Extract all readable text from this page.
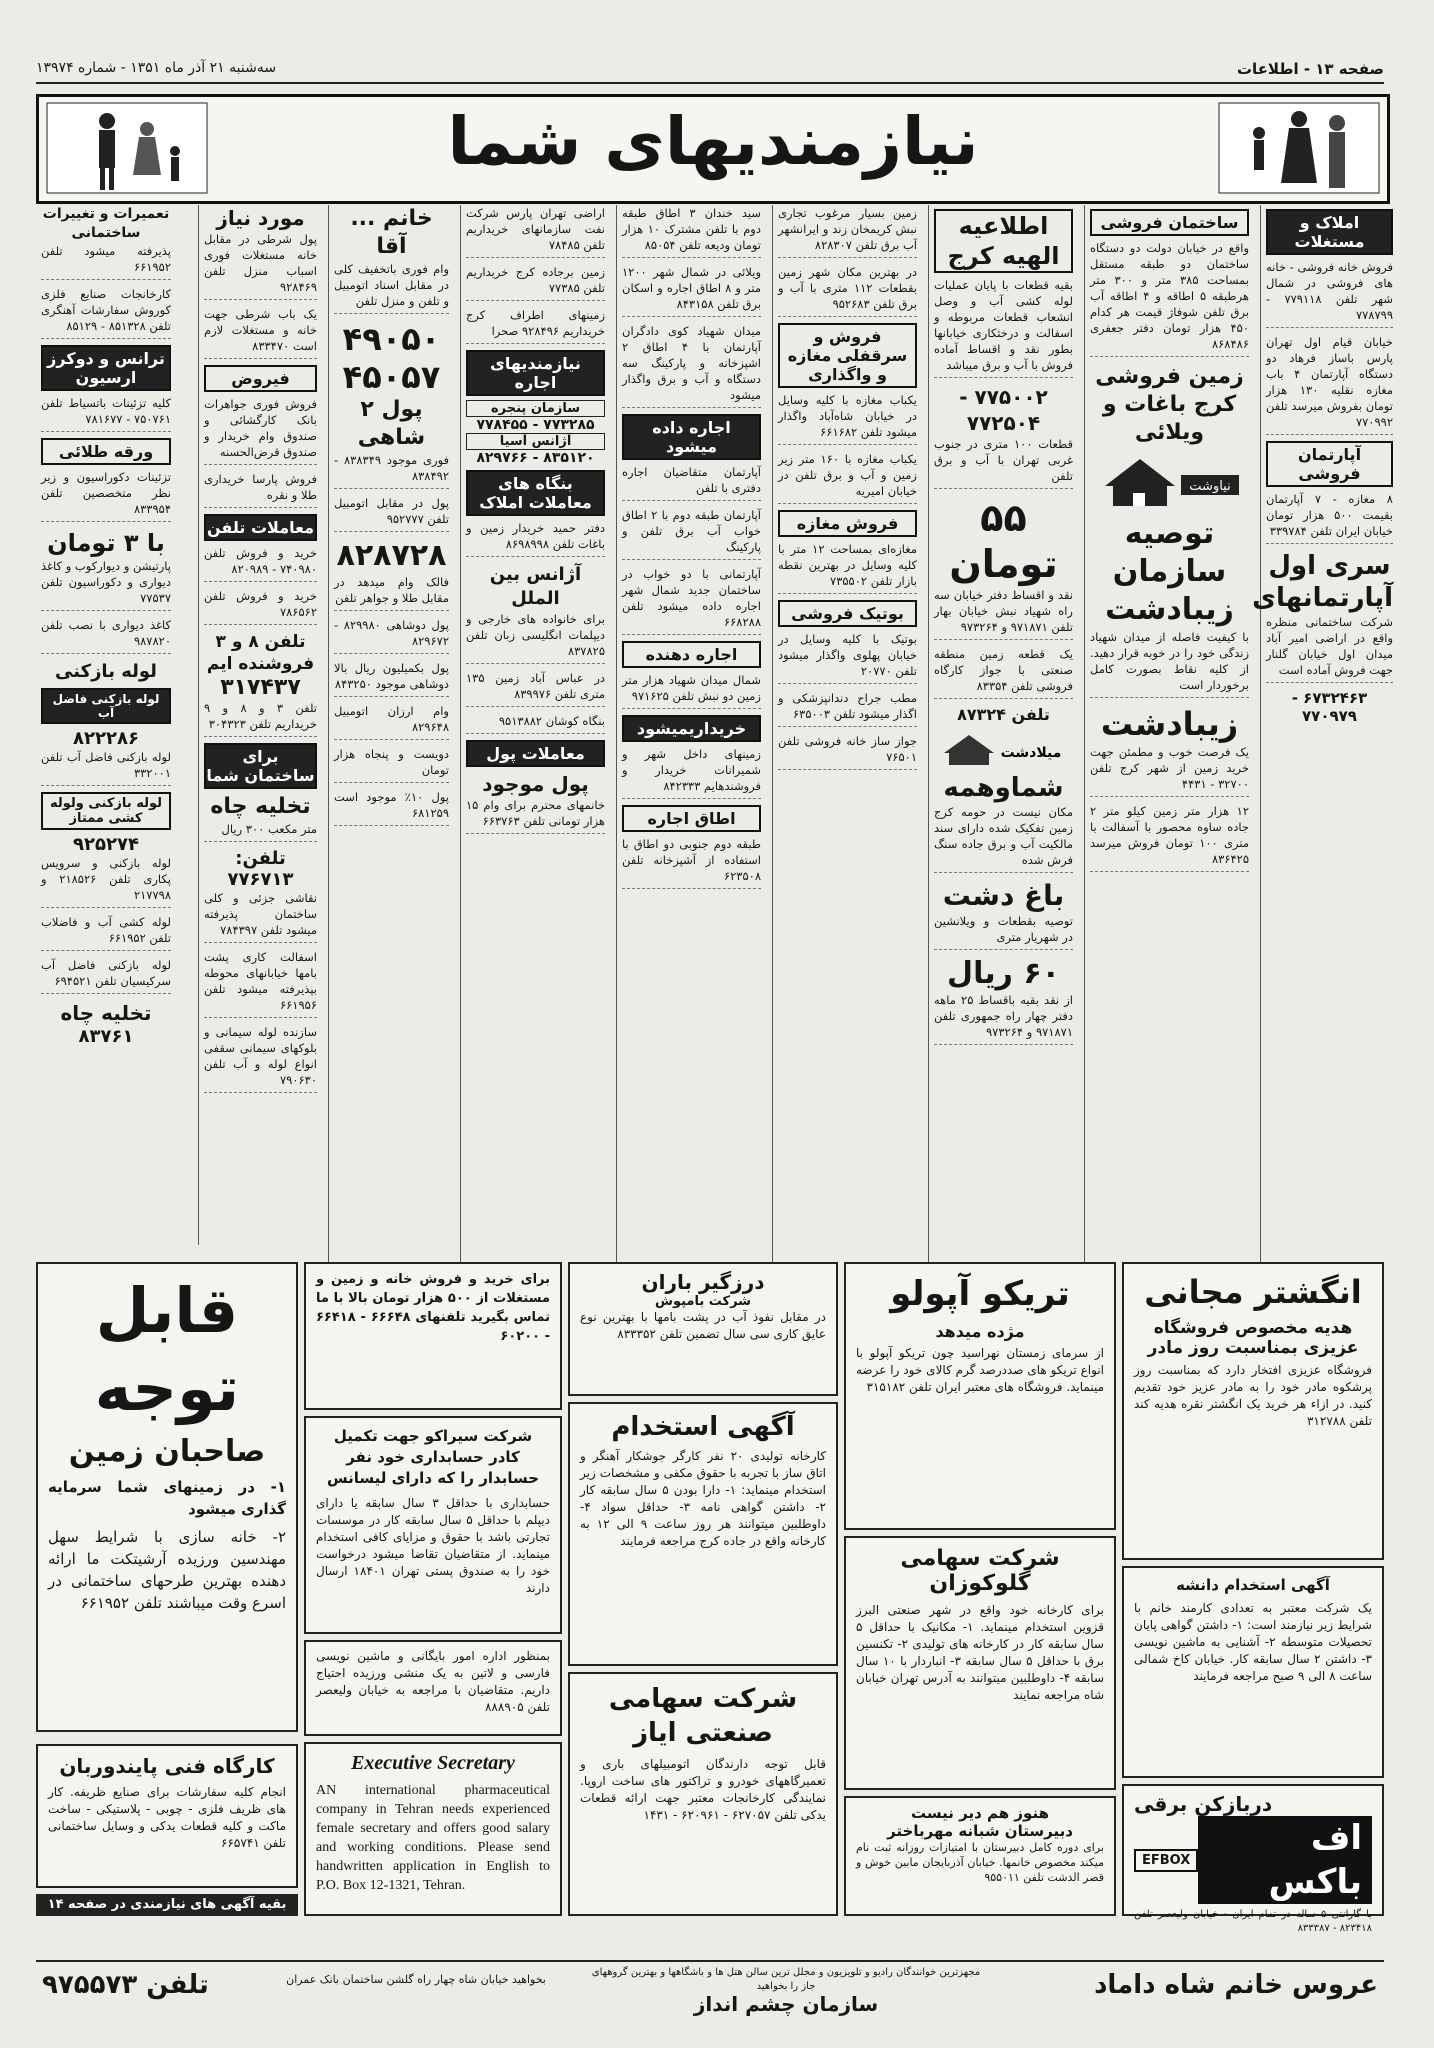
صفحه ۱۳ - اطلاعات
سه‌شنبه ۲۱ آذر ماه ۱۳۵۱ - شماره ۱۳۹۷۴
نیازمندیهای شما
املاک و مستغلات
فروش خانه فروشی - خانه های فروشی در شمال شهر تلفن ۷۷۹۱۱۸ - ۷۷۸۷۹۹
خیابان قیام اول تهران پارس باساز فرهاد دو دستگاه آپارتمان ۴ باب مغازه نقلیه ۱۳۰ هزار تومان بفروش میرسد تلفن ۷۷۰۹۹۲
آپارتمان فروشی
۸ مغازه - ۷ آپارتمان بقیمت ۵۰۰ هزار تومان خیابان ایران تلفن ۳۳۹۷۸۴
سری اول آپارتمانهای
شرکت ساختمانی منظره واقع در اراضی امیر آباد میدان اول خیابان گلنار جهت فروش آماده است
۶۷۳۲۴۶۳ - ۷۷۰۹۷۹
ساختمان فروشی
واقع در خیابان دولت دو دستگاه ساختمان دو طبقه مستقل بمساحت ۳۸۵ متر و ۳۰۰ متر هرطبقه ۵ اطاقه و ۴ اطاقه آب برق تلفن شوفاژ قیمت هر کدام ۴۵۰ هزار تومان دفتر جعفری ۸۶۸۴۸۶
زمین فروشی کرج باغات و ویلائی
نیاوشت
توصیه سازمان زیبادشت
با کیفیت فاصله از میدان شهیاد زندگی خود را در خوبه قرار دهید. از کلیه نقاط بصورت کامل برخوردار است
زیبادشت
یک فرصت خوب و مطمئن جهت خرید زمین از شهر کرج تلفن ۳۲۷۰۰ - ۴۴۳۱
۱۲ هزار متر زمین کیلو متر ۲ جاده ساوه محصور با آسفالت با متری ۱۰۰ تومان فروش میرسد ۸۳۶۴۲۵
اطلاعیه الهیه کرج
بقیه قطعات با پایان عملیات لوله کشی آب و وصل انشعاب قطعات مربوطه و اسفالت و درختکاری خیابانها بطور نقد و اقساط آماده فروش با آب و برق میباشد
۷۷۵۰۰۲ - ۷۷۲۵۰۴
قطعات ۱۰۰ متری در جنوب غربی تهران با آب و برق تلفن
۵۵ تومان
نقد و اقساط دفتر خیابان سه راه شهیاد نبش خیابان بهار تلفن ۹۷۱۸۷۱ و ۹۷۳۲۶۴
یک قطعه زمین منطقه صنعتی با جواز کارگاه فروشی تلفن ۸۳۳۵۴
تلفن ۸۷۳۲۴
میلادشت
شماوهمه
مکان نیست در حومه کرج زمین تفکیک شده دارای سند مالکیت آب و برق جاده سنگ فرش شده
باغ دشت
توصیه بقطعات و ویلانشین در شهریار متری
۶۰ ریال
از نقد بقیه باقساط ۲۵ ماهه دفتر چهار راه جمهوری تلفن ۹۷۱۸۷۱ و ۹۷۳۲۶۴
زمین بسیار مرغوب تجاری نبش کریمخان زند و ایرانشهر آب برق تلفن ۸۲۸۳۰۷
در بهترین مکان شهر زمین بقطعات ۱۱۲ متری با آب و برق تلفن ۹۵۲۶۸۳
فروش و سرقفلی مغازه و واگذاری
یکباب مغازه با کلیه وسایل در خیابان شاه‌آباد واگذار میشود تلفن ۶۶۱۶۸۲
یکباب مغازه با ۱۶۰ متر زیر زمین و آب و برق تلفن در خیابان امیریه
فروش مغازه
مغازه‌ای بمساحت ۱۲ متر با کلیه وسایل در بهترین نقطه بازار تلفن ۷۳۵۵۰۲
بوتیک فروشی
بوتیک با کلیه وسایل در خیابان پهلوی واگذار میشود تلفن ۲۰۷۷۰
مطب جراح دندانپزشکی و اگذار میشود تلفن ۶۳۵۰۰۳
جواز ساز خانه فروشی تلفن ۷۶۵۰۱
سید خندان ۳ اطاق طبقه دوم با تلفن مشترک ۱۰ هزار تومان ودیعه تلفن ۸۵۰۵۴
ویلائی در شمال شهر ۱۲۰۰ متر و ۸ اطاق اجاره و اسکان برق تلفن ۸۴۳۱۵۸
میدان شهیاد کوی دادگران آپارتمان با ۴ اطاق ۲ اشپزخانه و پارکینگ سه دستگاه و آب و برق واگذار میشود
اجاره داده میشود
آپارتمان متقاضیان اجاره دفتری با تلفن
آپارتمان طبقه دوم با ۲ اطاق خواب آب برق تلفن و پارکینگ
آپارتمانی با دو خواب در ساختمان جدید شمال شهر اجاره داده میشود تلفن ۶۶۸۲۸۸
اجاره دهنده
شمال میدان شهیاد هزار متر زمین دو نبش تلفن ۹۷۱۶۲۵
خریداریمیشود
زمینهای داخل شهر و شمیرانات خریدار و فروشندهایم ۸۴۲۳۳۳
اطاق اجاره
طبقه دوم جنوبی دو اطاق با استفاده از آشپزخانه تلفن ۶۲۳۵۰۸
اراضی تهران پارس شرکت نفت سازمانهای خریداریم تلفن ۷۸۴۸۵
زمین برجاده کرج خریداریم تلفن ۷۷۳۸۵
زمینهای اطراف کرج خریداریم ۹۲۸۴۹۶ صحرا
نیازمندیهای اجاره
سازمان پنجره
۷۷۳۲۸۵ - ۷۷۸۴۵۵
آژانس آسیا
۸۳۵۱۲۰ - ۸۲۹۷۶۶
بنگاه های معاملات املاک
دفتر حمید خریدار زمین و باغات تلفن ۸۶۹۸۹۹۸
آژانس بین الملل
برای خانواده های خارجی و دیپلمات انگلیسی زبان تلفن ۸۳۷۸۲۵
در عباس آباد زمین ۱۳۵ متری تلفن ۸۳۹۹۷۶
بنگاه کوشان ۹۵۱۳۸۸۲
معاملات پول
پول موجود
خانمهای محترم برای وام ۱۵ هزار تومانی تلفن ۶۶۳۷۶۳
خانم ... آقا
وام فوری باتخفیف کلی در مقابل اسناد اتومبیل و تلفن و منزل تلفن
۴۹۰۵۰
۴۵۰۵۷
پول ۲ شاهی
فوری موجود ۸۳۸۳۴۹ - ۸۳۸۴۹۲
پول در مقابل اتومبیل تلفن ۹۵۲۷۷۷
۸۲۸۷۲۸
فالک وام میدهد در مقابل طلا و جواهر تلفن
پول دوشاهی ۸۲۹۹۸۰ - ۸۲۹۶۷۲
پول بکمیلیون ریال بالا دوشاهی موجود ۸۴۳۲۵۰
وام ارزان اتومبیل ۸۲۹۶۴۸
دویست و پنجاه هزار تومان
پول ۱۰٪ موجود است ۶۸۱۲۵۹
مورد نیاز
پول شرطی در مقابل خانه مستغلات فوری اسباب منزل تلفن ۹۲۸۴۶۹
یک باب شرطی جهت خانه و مستغلات لازم است ۸۳۳۴۷۰
فیروض
فروش فوری جواهرات بانک کارگشائی و صندوق وام خریدار و صندوق قرض‌الحسنه
فروش پارسا خریداری طلا و نقره
معاملات تلفن
خرید و فروش تلفن ۷۴۰۹۸۰ - ۸۲۰۹۸۹
خرید و فروش تلفن ۷۸۶۵۶۲
تلفن ۸ و ۳ فروشنده ایم
۳۱۷۴۳۷
تلفن ۳ و ۸ و ۹ خریداریم تلفن ۳۰۴۳۲۳
برای ساختمان شما
تخلیه چاه
متر مکعب ۳۰۰ ریال
تلفن: ۷۷۶۷۱۳
نقاشی جزئی و کلی ساختمان پذیرفته میشود تلفن ۷۸۴۳۹۷
اسفالت کاری پشت بامها خیابانهای محوطه بپذیرفته میشود تلفن ۶۶۱۹۵۶
سازنده لوله سیمانی و بلوکهای سیمانی سقفی انواع لوله و آب تلفن ۷۹۰۶۳۰
تعمیرات و تغییرات ساختمانی
پذیرفته میشود تلفن ۶۶۱۹۵۲
کارخانجات صنایع فلزی کوروش سفارشات آهنگری تلفن ۸۵۱۳۲۸ - ۸۵۱۲۹
ترانس و دوکرز ارسیون
کلیه تزئینات باتسیاط تلفن ۷۵۰۷۶۱ - ۷۸۱۶۷۷
ورقه طلائی
تزئینات دکوراسیون و زیر نظر متخصصین تلفن ۸۳۳۹۵۴
با ۳ تومان
پارتیشن و دیوارکوب و کاغذ دیواری و دکوراسیون تلفن ۷۷۵۳۷
کاغذ دیواری با نصب تلفن ۹۸۷۸۲۰
لوله بازکنی
لوله بازکنی فاضل آب
۸۲۲۲۸۶
لوله بازکنی فاضل آب تلفن ۳۳۲۰۰۱
لوله بازکنی ولوله کشی ممتاز
۹۲۵۲۷۴
لوله بازکنی و سرویس پکاری تلفن ۲۱۸۵۲۶ و ۲۱۷۷۹۸
لوله کشی آب و فاضلاب تلفن ۶۶۱۹۵۲
لوله بازکنی فاضل آب سرکیسیان تلفن ۶۹۴۵۲۱
تخلیه چاه
۸۳۷۶۱
قابل توجه
صاحبان زمین

۱- در زمینهای شما سرمایه گذاری میشود

۲- خانه سازی با شرایط سهل مهندسین ورزیده آرشیتکت ما ارائه دهنده بهترین طرحهای ساختمانی در اسرع وقت میباشند تلفن ۶۶۱۹۵۲

کارگاه فنی پایندوربان

انجام کلیه سفارشات برای صنایع ظریفه. کار های ظریف فلزی - چوبی - پلاستیکی - ساخت ماکت و کلیه قطعات یدکی و وسایل ساختمانی تلفن ۶۶۵۷۴۱

بقیه آگهی های نیازمندی در صفحه ۱۴

برای خرید و فروش خانه و زمین و مستغلات از ۵۰۰ هزار تومان بالا با ما تماس بگیرید تلفنهای ۶۶۶۴۸ - ۶۶۴۱۸ - ۶۰۲۰۰

شرکت سیراکو جهت تکمیل کادر حسابداری خود نفر حسابدار را که دارای لیسانس

حسابداری با حداقل ۳ سال سابقه یا دارای دیپلم با حداقل ۵ سال سابقه کار در موسسات تجارتی باشد با حقوق و مزایای کافی استخدام مینماید. از متقاضیان تقاضا میشود درخواست خود را به صندوق پستی تهران ۱۸۴۰۱ ارسال دارند

بمنظور اداره امور بایگانی و ماشین نویسی فارسی و لاتین به یک منشی ورزیده احتیاج داریم. متقاضیان با مراجعه به خیابان ولیعصر تلفن ۸۸۸۹۰۵

Executive Secretary

AN international pharmaceutical company in Tehran needs experienced female secretary and offers good salary and working conditions. Please send handwritten application in English to P.O. Box 12-1321, Tehran.

درزگیر باران
شرکت بامپوش

در مقابل نفوذ آب در پشت بامها با بهترین نوع عایق کاری سی سال تضمین تلفن ۸۳۳۳۵۲

آگهی استخدام

کارخانه تولیدی ۲۰ نفر کارگر جوشکار آهنگر و اتاق ساز با تجربه با حقوق مکفی و مشخصات زیر استخدام مینماید: ۱- دارا بودن ۵ سال سابقه کار ۲- داشتن گواهی نامه ۳- حداقل سواد ۴- داوطلبین میتوانند هر روز ساعت ۹ الی ۱۲ به کارخانه واقع در جاده کرج مراجعه فرمایند

شرکت سهامی صنعتی ایاز

قابل توجه دارندگان اتومبیلهای باری و تعمیرگاههای خودرو و تراکتور های ساخت اروپا. نمایندگی کارخانجات معتبر جهت ارائه قطعات یدکی تلفن ۶۲۷۰۵۷ - ۶۲۰۹۶۱ - ۱۴۳۱

تریکو آپولو
مژده میدهد

از سرمای زمستان نهراسید چون تریکو آپولو با انواع تریکو های صددرصد گرم کالای خود را عرضه مینماید. فروشگاه های معتبر ایران تلفن ۳۱۵۱۸۲

شرکت سهامی گلوکوزان

برای کارخانه خود واقع در شهر صنعتی البرز قزوین استخدام مینماید. ۱- مکانیک با حداقل ۵ سال سابقه کار در کارخانه های تولیدی ۲- تکنسین برق با حداقل ۵ سال سابقه ۳- انباردار با ۱۰ سال سابقه ۴- داوطلبین میتوانند به آدرس تهران خیابان شاه مراجعه نمایند

هنوز هم دیر نیست
دبیرستان شبانه مهرباختر

برای دوره کامل دبیرستان با امتیازات روزانه ثبت نام میکند مخصوص خانمها. خیابان آذربایجان مابین خوش و قصر الدشت تلفن ۹۵۵۰۱۱

انگشتر مجانی
هدیه مخصوص فروشگاه
عزیزی بمناسبت روز مادر

فروشگاه عزیزی افتخار دارد که بمناسبت روز پرشکوه مادر خود را به مادر عزیز خود تقدیم کنید. در ازاء هر خرید یک انگشتر نقره هدیه کند تلفن ۳۱۲۷۸۸

آگهی استخدام دانشه

یک شرکت معتبر به تعدادی کارمند خانم با شرایط زیر نیازمند است: ۱- داشتن گواهی پایان تحصیلات متوسطه ۲- آشنایی به ماشین نویسی ۳- داشتن ۲ سال سابقه کار. خیابان کاخ شمالی ساعت ۸ الی ۹ صبح مراجعه فرمایند

دربازکن برقی
اف باکس
EFBOX

با گارانتی ۵ ساله در تمام ایران - خیابان ولیعصر تلفن ۸۲۳۴۱۸ - ۸۳۳۳۸۷

عروس خانم شاه داماد
مجهزترین خوانندگان رادیو و تلویزیون و مجلل ترین سالن هتل ها و باشگاهها و بهترین گروههای جاز را بخواهید
سازمان چشم انداز
بخواهید خیابان شاه چهار راه گلشن ساختمان بانک عمران
تلفن ۹۷۵۵۷۳
